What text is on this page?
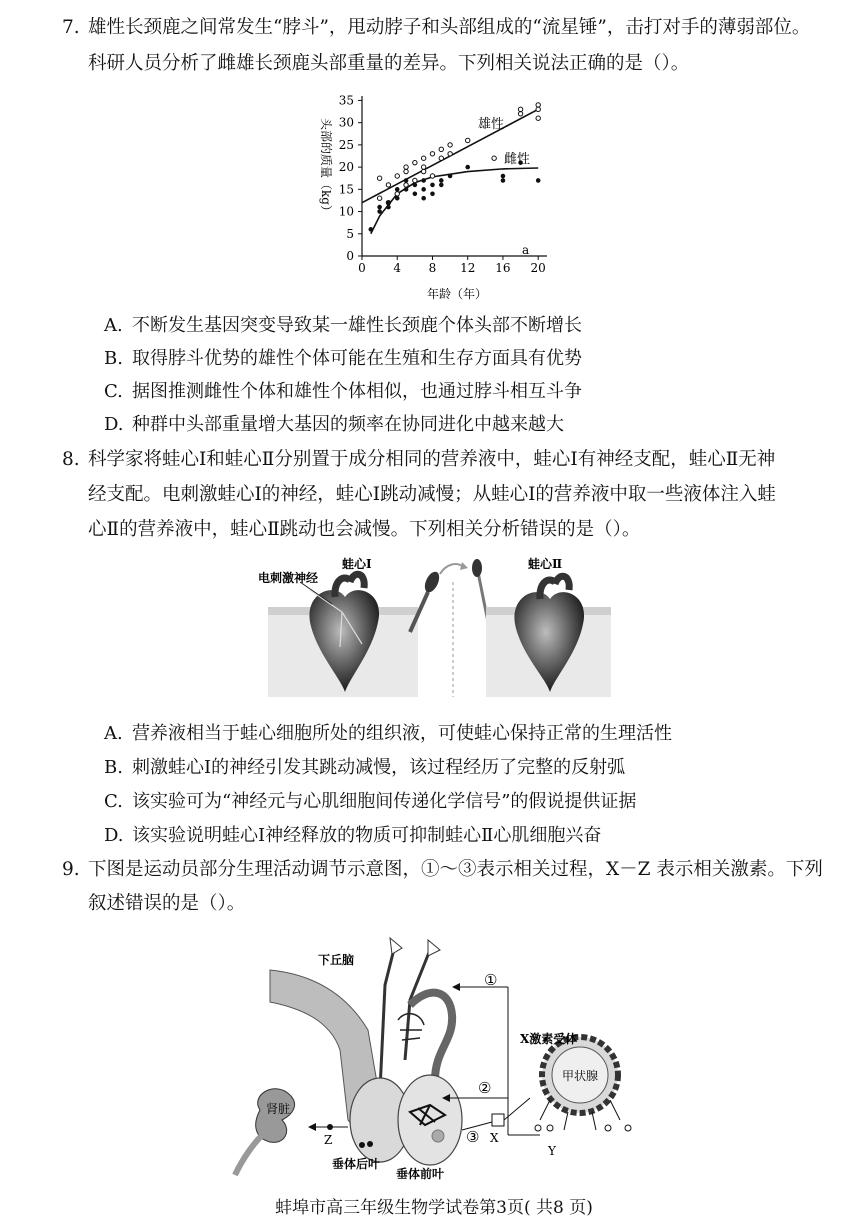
7. 雄性长颈鹿之间常发生“脖斗”，甩动脖子和头部组成的“流星锤”，击打对手的薄弱部位。
科研人员分析了雌雄长颈鹿头部重量的差异。下列相关说法正确的是（）。
0 4 8 12 16 20
0
5
10
15
20
25
30
35
头部的质量（kg）
年龄（年）
雄性
雌性
a
A. 不断发生基因突变导致某一雄性长颈鹿个体头部不断增长
B. 取得脖斗优势的雄性个体可能在生殖和生存方面具有优势
C. 据图推测雌性个体和雄性个体相似，也通过脖斗相互斗争
D. 种群中头部重量增大基因的频率在协同进化中越来越大
8. 科学家将蛙心Ⅰ和蛙心Ⅱ分别置于成分相同的营养液中，蛙心Ⅰ有神经支配，蛙心Ⅱ无神
经支配。电刺激蛙心Ⅰ的神经，蛙心Ⅰ跳动减慢；从蛙心Ⅰ的营养液中取一些液体注入蛙
心Ⅱ的营养液中，蛙心Ⅱ跳动也会减慢。下列相关分析错误的是（）。
电刺激神经
蛙心Ⅰ	蛙心Ⅱ
A. 营养液相当于蛙心细胞所处的组织液，可使蛙心保持正常的生理活性
B. 刺激蛙心Ⅰ的神经引发其跳动减慢，该过程经历了完整的反射弧
C. 该实验可为“神经元与心肌细胞间传递化学信号”的假说提供证据
D. 该实验说明蛙心Ⅰ神经释放的物质可抑制蛙心Ⅱ心肌细胞兴奋
9. 下图是运动员部分生理活动调节示意图，①～③表示相关过程，X－Z 表示相关激素。下列
叙述错误的是（）。
下丘脑
肾脏
Z
垂体后叶
垂体前叶
X
①
②
③
甲状腺
X激素受体
Y
蚌埠市高三年级生物学试卷第3页( 共8 页)
